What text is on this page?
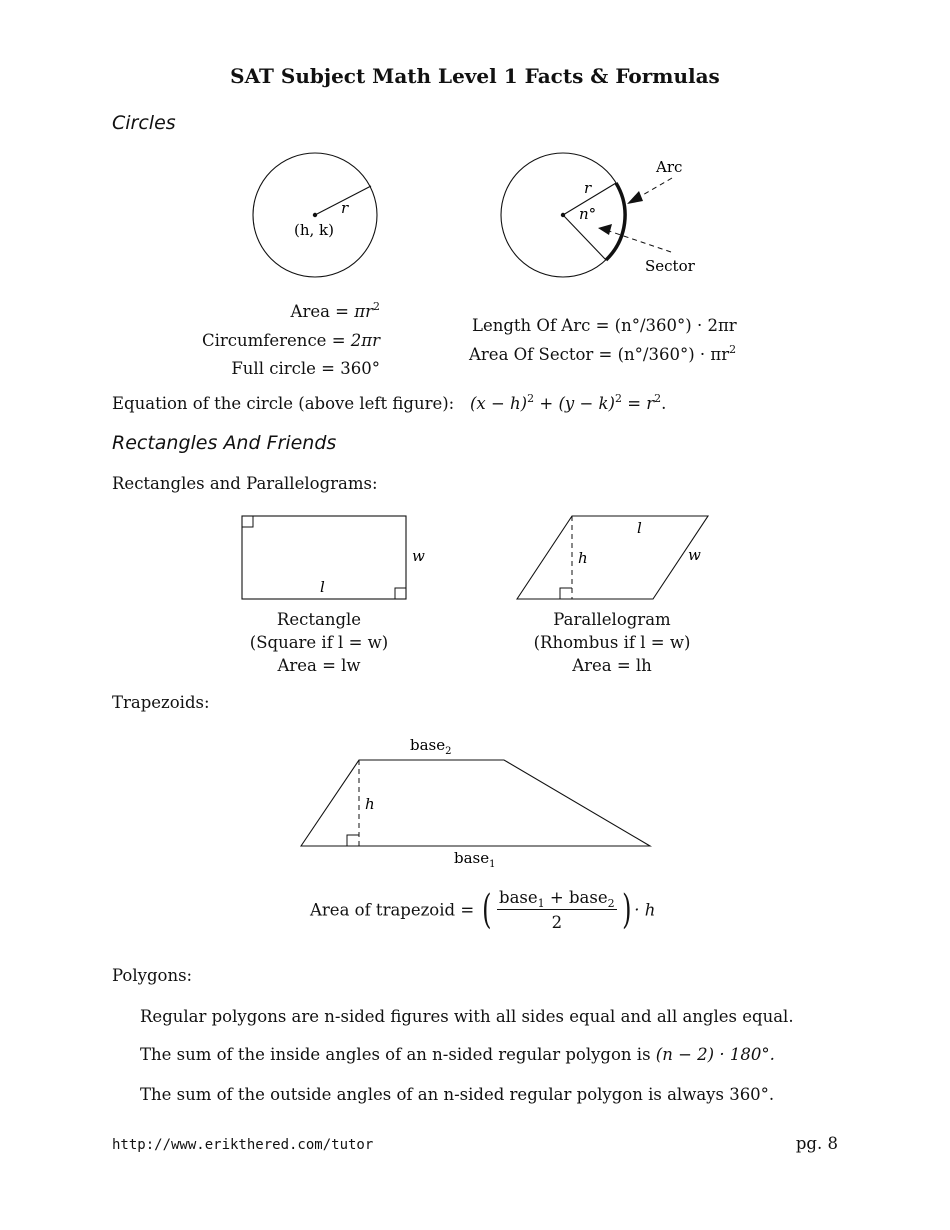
SAT Subject Math Level 1 Facts & Formulas
Circles
r
(h, k)
r
n°
Arc
Sector
w
l
l
w
h
h
base$_2$
base$_1$
Area = $\pi r^2$
Circumference = 2πr
Full circle = 360°
Length Of Arc = (n°/360°) · 2πr
Area Of Sector = $(n^\circ/360^\circ) \cdot \pi r^2$
Equation of the circle (above left figure): $(x - h)^2 + (y - k)^2 = r^2$.
Rectangles And Friends
Rectangles and Parallelograms:
Rectangle
(Square if l = w)
Area = lw
Parallelogram
(Rhombus if l = w)
Area = lh
Trapezoids:
Area of trapezoid = ( $\frac{base_1 + base_2}{2}$ ) · h
Polygons:
Regular polygons are n-sided figures with all sides equal and all angles equal.
The sum of the inside angles of an n-sided regular polygon is (n − 2) · 180°.
The sum of the outside angles of an n-sided regular polygon is always 360°.
http://www.erikthered.com/tutor	pg. 8
